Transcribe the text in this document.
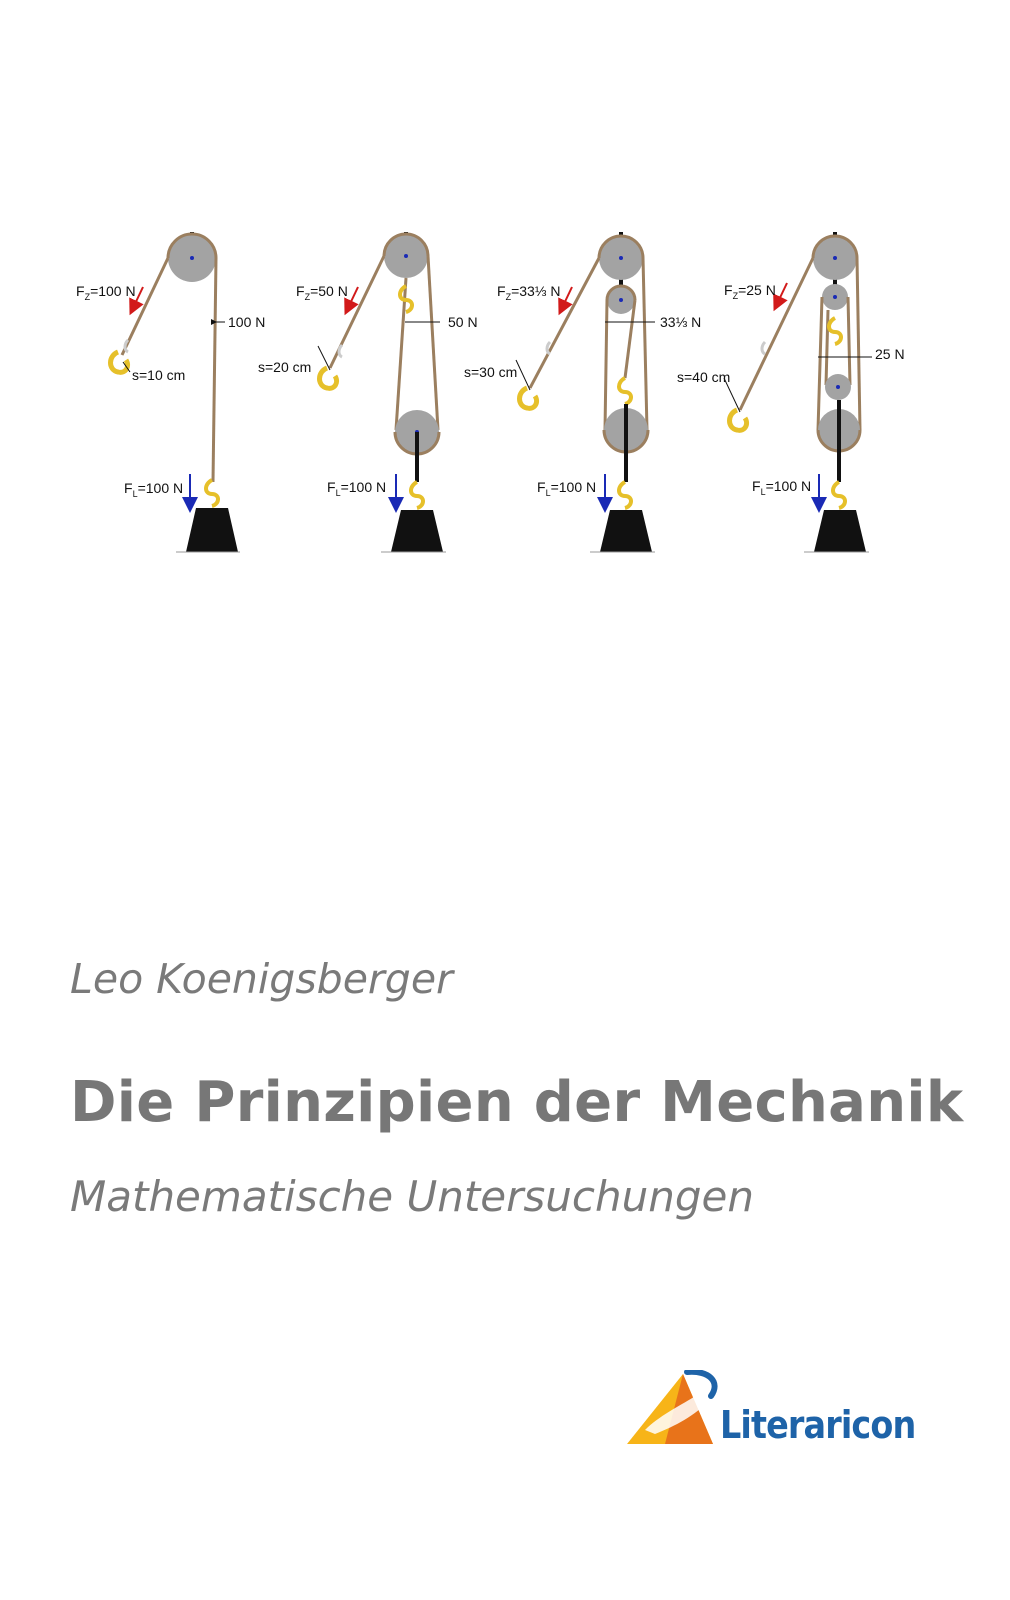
$F_Z=100$ N
100 N
s=10 cm
$F_L=100$ N
$F_Z=50$ N
50 N
s=20 cm
$F_L=100$ N
$F_Z=33\frac{1}{3}$ N
33⅓ N
s=30 cm
$F_L=100$ N
$F_Z=25$ N
25 N
s=40 cm
$F_L=100$ N
Leo Koenigsberger
Die Prinzipien der Mechanik
Mathematische Untersuchungen
Literaricon
